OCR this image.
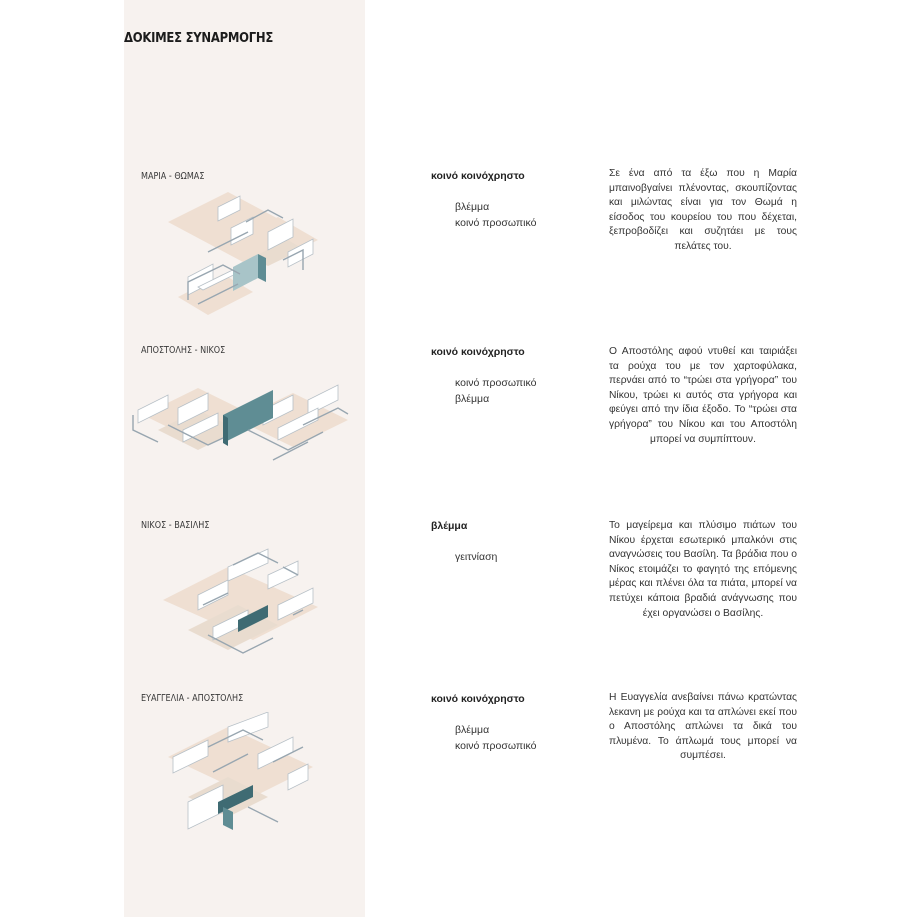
ΔΟΚΙΜΕΣ ΣΥΝΑΡΜΟΓΗΣ
ΜΑΡΙΑ - ΘΩΜΑΣ	κοινό κοινόχρηστο
βλέμμα
κοινό προσωπικό
Σε ένα από τα έξω που η Μαρία μπαινοβγαίνει πλένοντας, σκουπίζοντας και μιλώντας είναι για τον Θωμά η είσοδος του κουρείου του που δέχεται, ξεπροβοδίζει και συζητάει με τους πελάτες του.
ΑΠΟΣΤΟΛΗΣ - ΝΙΚΟΣ	κοινό κοινόχρηστο
κοινό προσωπικό
βλέμμα
Ο Αποστόλης αφού ντυθεί και ταιριάξει τα ρούχα του με τον χαρτοφύλακα, περνάει από το “τρώει στα γρήγορα” του Νίκου, τρώει κι αυτός στα γρήγορα και φεύγει από την ίδια έξοδο. Το “τρώει στα γρήγορα” του Νίκου και του Αποστόλη μπορεί να συμπίπτουν.
ΝΙΚΟΣ - ΒΑΣΙΛΗΣ	βλέμμα
γειτνίαση
Το μαγείρεμα και πλύσιμο πιάτων του Νίκου έρχεται εσωτερικό μπαλκόνι στις αναγνώσεις του Βασίλη. Τα βράδια που ο Νίκος ετοιμάζει το φαγητό της επόμενης μέρας και πλένει όλα τα πιάτα, μπορεί να πετύχει κάποια βραδιά ανάγνωσης που έχει οργανώσει ο Βασίλης.
ΕΥΑΓΓΕΛΙΑ - ΑΠΟΣΤΟΛΗΣ	κοινό κοινόχρηστο
βλέμμα
κοινό προσωπικό
Η Ευαγγελία ανεβαίνει πάνω κρατώντας λεκανη με ρούχα και τα απλώνει εκεί που ο Αποστόλης απλώνει τα δικά του πλυμένα. Το άπλωμά τους μπορεί να συμπέσει.
